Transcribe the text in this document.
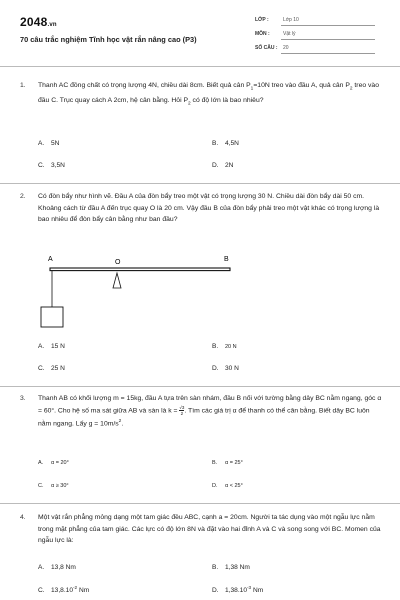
2048.vn
70 câu trắc nghiệm Tĩnh học vật rắn nâng cao (P3)
LỚP :	Lớp 10
MÔN :	Vật lý
SỐ CÂU : 20
1.	Thanh AC đồng chất có trọng lượng 4N, chiều dài 8cm. Biết quả cân $P_1=10N$ treo vào đầu A, quả cân $P_2$ treo vào đầu C. Trục quay cách A 2cm, hệ cân bằng. Hỏi $P_2$ có độ lớn là bao nhiêu?
A. 5N	B. 4,5N
C. 3,5N	D. 2N
2.	Có đòn bẩy như hình vẽ. Đầu A của đòn bẩy treo một vật có trọng lượng 30 N. Chiều dài đòn bẩy dài 50 cm. Khoảng cách từ đầu A đến trục quay O là 20 cm. Vậy đầu B của đòn bẩy phải treo một vật khác có trọng lượng là bao nhiêu để đòn bẩy cân bằng như ban đầu?
A	O	B
A. 15 N	B. 20 N
C. 25 N	D. 30 N
3.	Thanh AB có khối lượng m = 15kg, đầu A tựa trên sàn nhám, đầu B nối với tường bằng dây BC nằm ngang, góc α = 60°. Cho hệ số ma sát giữa AB và sàn là $k = \frac{√3}{2}$ . Tìm các giá trị α để thanh có thể cân bằng. Biết dây BC luôn nằm ngang. Lấy $g = 10m/s^2$.
A. α = 20°	B. α = 25°
C. α ≥ 30°	D. α < 25°
4.	Một vật rắn phẳng mỏng dạng một tam giác đều ABC, cạnh a = 20cm. Người ta tác dụng vào một ngẫu lực nằm trong mặt phẳng của tam giác. Các lực có độ lớn 8N và đặt vào hai đỉnh A và C và song song với BC. Momen của ngẫu lực là:
A. 13,8 Nm	B. 1,38 Nm
C. $13,8.10^{-2}$ Nm	D. $1,38.10^{-3}$ Nm
